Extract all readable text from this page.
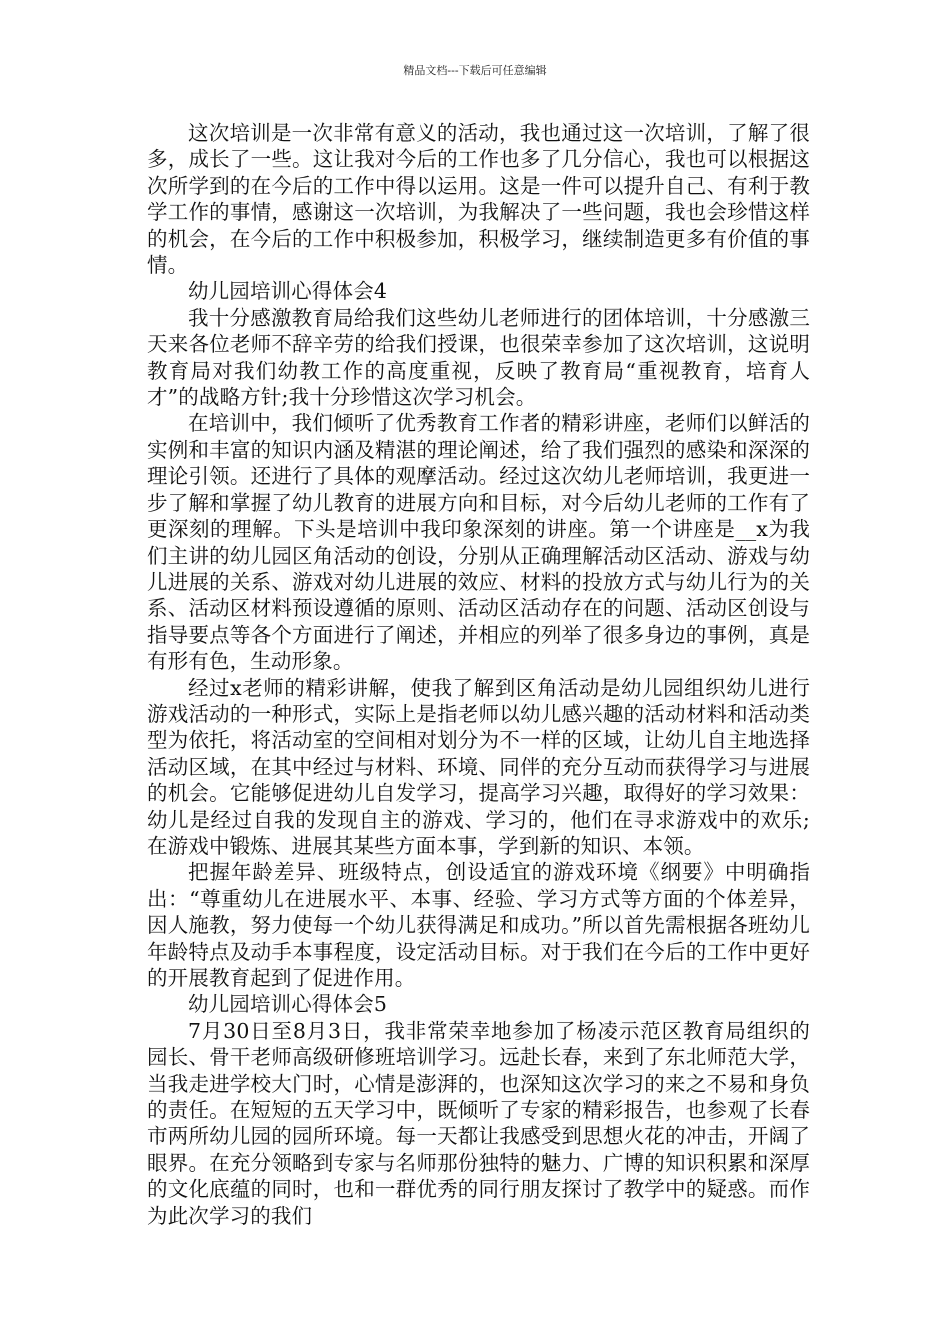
精品文档---下载后可任意编辑

这次培训是一次非常有意义的活动，我也通过这一次培训，了解了很多，成长了一些。这让我对今后的工作也多了几分信心，我也可以根据这次所学到的在今后的工作中得以运用。这是一件可以提升自己、有利于教学工作的事情，感谢这一次培训，为我解决了一些问题，我也会珍惜这样的机会，在今后的工作中积极参加，积极学习，继续制造更多有价值的事情。

幼儿园培训心得体会4

我十分感激教育局给我们这些幼儿老师进行的团体培训，十分感激三天来各位老师不辞辛劳的给我们授课，也很荣幸参加了这次培训，这说明教育局对我们幼教工作的高度重视，反映了教育局“重视教育，培育人才”的战略方针;我十分珍惜这次学习机会。

在培训中，我们倾听了优秀教育工作者的精彩讲座，老师们以鲜活的实例和丰富的知识内涵及精湛的理论阐述，给了我们强烈的感染和深深的理论引领。还进行了具体的观摩活动。经过这次幼儿老师培训，我更进一步了解和掌握了幼儿教育的进展方向和目标，对今后幼儿老师的工作有了更深刻的理解。下头是培训中我印象深刻的讲座。第一个讲座是__x为我们主讲的幼儿园区角活动的创设，分别从正确理解活动区活动、游戏与幼儿进展的关系、游戏对幼儿进展的效应、材料的投放方式与幼儿行为的关系、活动区材料预设遵循的原则、活动区活动存在的问题、活动区创设与指导要点等各个方面进行了阐述，并相应的列举了很多身边的事例，真是有形有色，生动形象。

经过x老师的精彩讲解，使我了解到区角活动是幼儿园组织幼儿进行游戏活动的一种形式，实际上是指老师以幼儿感兴趣的活动材料和活动类型为依托，将活动室的空间相对划分为不一样的区域，让幼儿自主地选择活动区域，在其中经过与材料、环境、同伴的充分互动而获得学习与进展的机会。它能够促进幼儿自发学习，提高学习兴趣，取得好的学习效果：幼儿是经过自我的发现自主的游戏、学习的，他们在寻求游戏中的欢乐;在游戏中锻炼、进展其某些方面本事，学到新的知识、本领。

把握年龄差异、班级特点，创设适宜的游戏环境《纲要》中明确指出：“尊重幼儿在进展水平、本事、经验、学习方式等方面的个体差异，因人施教，努力使每一个幼儿获得满足和成功。”所以首先需根据各班幼儿年龄特点及动手本事程度，设定活动目标。对于我们在今后的工作中更好的开展教育起到了促进作用。

幼儿园培训心得体会5

7月30日至8月3日，我非常荣幸地参加了杨凌示范区教育局组织的园长、骨干老师高级研修班培训学习。远赴长春，来到了东北师范大学，当我走进学校大门时，心情是澎湃的，也深知这次学习的来之不易和身负的责任。在短短的五天学习中，既倾听了专家的精彩报告，也参观了长春市两所幼儿园的园所环境。每一天都让我感受到思想火花的冲击，开阔了眼界。在充分领略到专家与名师那份独特的魅力、广博的知识积累和深厚的文化底蕴的同时，也和一群优秀的同行朋友探讨了教学中的疑惑。而作为此次学习的我们
